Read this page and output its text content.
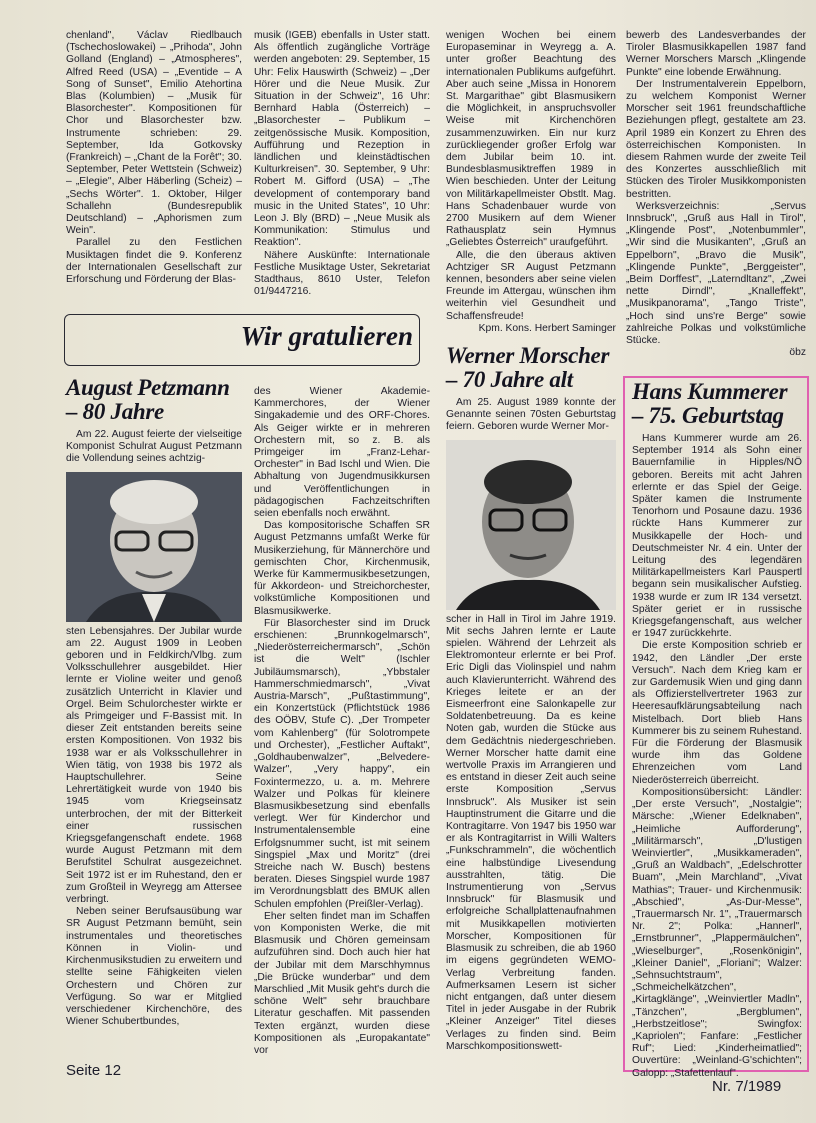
chenland", Václav Riedlbauch (Tschechoslowakei) – „Prihoda", John Golland (England) – „Atmospheres", Alfred Reed (USA) – „Eventide – A Song of Sunset", Emilio Atehortina Blas (Kolumbien) – „Musik für Blasorchester". Kompositionen für Chor und Blasorchester bzw. Instrumente schrieben: 29. September, Ida Gotkovsky (Frankreich) – „Chant de la Forêt"; 30. September, Peter Wettstein (Schweiz) – „Elegie", Alber Häberling (Scheiz) – „Sechs Wörter". 1. Oktober, Hilger Schallehn (Bundesrepublik Deutschland) – „Aphorismen zum Wein".

Parallel zu den Festlichen Musiktagen findet die 9. Konferenz der Internationalen Gesellschaft zur Erforschung und Förderung der Blas-

musik (IGEB) ebenfalls in Uster statt. Als öffentlich zugängliche Vorträge werden angeboten: 29. September, 15 Uhr: Felix Hauswirth (Schweiz) – „Der Hörer und die Neue Musik. Zur Situation in der Schweiz", 16 Uhr: Bernhard Habla (Österreich) – „Blasorchester – Publikum – zeitgenössische Musik. Komposition, Aufführung und Rezeption in ländlichen und kleinstädtischen Kulturkreisen". 30. September, 9 Uhr: Robert M. Gifford (USA) – „The development of contemporary band music in the United States", 10 Uhr: Leon J. Bly (BRD) – „Neue Musik als Kommunikation: Stimulus und Reaktion".

Nähere Auskünfte: Internationale Festliche Musiktage Uster, Sekretariat Stadthaus, 8610 Uster, Telefon 01/9447216.

wenigen Wochen bei einem Europaseminar in Weyregg a. A. unter großer Beachtung des internationalen Publikums aufgeführt. Aber auch seine „Missa in Honorem St. Margarithae" gibt Blasmusikern die Möglichkeit, in anspruchsvoller Weise mit Kirchenchören zusammenzuwirken. Ein nur kurz zurückliegender großer Erfolg war dem Jubilar beim 10. int. Bundesblasmusiktreffen 1989 in Wien beschieden. Unter der Leitung von Militärkapellmeister Obstlt. Mag. Hans Schadenbauer wurde von 2700 Musikern auf dem Wiener Rathausplatz sein Hymnus „Geliebtes Österreich" uraufgeführt.

Alle, die den überaus aktiven Achtziger SR August Petzmann kennen, besonders aber seine vielen Freunde im Attergau, wünschen ihm weiterhin viel Gesundheit und Schaffensfreude!

Kpm. Kons. Herbert Saminger

bewerb des Landesverbandes der Tiroler Blasmusikkapellen 1987 fand Werner Morschers Marsch „Klingende Punkte" eine lobende Erwähnung.

Der Instrumentalverein Eppelborn, zu welchem Komponist Werner Morscher seit 1961 freundschaftliche Beziehungen pflegt, gestaltete am 23. April 1989 ein Konzert zu Ehren des österreichischen Komponisten. In diesem Rahmen wurde der zweite Teil des Konzertes ausschließlich mit Stücken des Tiroler Musikkomponisten bestritten.

Werksverzeichnis: „Servus Innsbruck", „Gruß aus Hall in Tirol", „Klingende Post", „Notenbummler", „Wir sind die Musikanten", „Gruß an Eppelborn", „Bravo die Musik", „Klingende Punkte", „Berggeister", „Beim Dorffest", „Laterndltanz", „Zwei nette Dirndl", „Knalleffekt", „Musikpanorama", „Tango Triste", „Hoch sind uns're Berge" sowie zahlreiche Polkas und volkstümliche Stücke.

öbz

Wir gratulieren
August Petzmann – 80 Jahre

Am 22. August feierte der vielseitige Komponist Schulrat August Petzmann die Vollendung seines achtzig-

sten Lebensjahres. Der Jubilar wurde am 22. August 1909 in Leoben geboren und in Feldkirch/Vlbg. zum Volksschullehrer ausgebildet. Hier lernte er Violine weiter und genoß zusätzlich Unterricht in Klavier und Orgel. Beim Schulorchester wirkte er als Primgeiger und F-Bassist mit. In dieser Zeit entstanden bereits seine ersten Kompositionen. Von 1932 bis 1938 war er als Volksschullehrer in Wien tätig, von 1938 bis 1972 als Hauptschullehrer. Seine Lehrertätigkeit wurde von 1940 bis 1945 vom Kriegseinsatz unterbrochen, der mit der Bitterkeit einer russischen Kriegsgefangenschaft endete. 1968 wurde August Petzmann mit dem Berufstitel Schulrat ausgezeichnet. Seit 1972 ist er im Ruhestand, den er zum Großteil in Weyregg am Attersee verbringt.

Neben seiner Berufsausübung war SR August Petzmann bemüht, sein instrumentales und theoretisches Können in Violin- und Kirchenmusikstudien zu erweitern und stellte seine Fähigkeiten vielen Orchestern und Chören zur Verfügung. So war er Mitglied verschiedener Kirchenchöre, des Wiener Schubertbundes,

des Wiener Akademie-Kammerchores, der Wiener Singakademie und des ORF-Chores. Als Geiger wirkte er in mehreren Orchestern mit, so z. B. als Primgeiger im „Franz-Lehar-Orchester" in Bad Ischl und Wien. Die Abhaltung von Jugendmusikkursen und Veröffentlichungen in pädagogischen Fachzeitschriften seien ebenfalls noch erwähnt.

Das kompositorische Schaffen SR August Petzmanns umfaßt Werke für Musikerziehung, für Männerchöre und gemischten Chor, Kirchenmusik, Werke für Kammermusikbesetzungen, für Akkordeon- und Streichorchester, volkstümliche Kompositionen und Blasmusikwerke.

Für Blasorchester sind im Druck erschienen: „Brunnkogelmarsch", „Niederösterreichermarsch", „Schön ist die Welt" (Ischler Jubiläumsmarsch), „Ybbstaler Hammerschmiedmarsch", „Vivat Austria-Marsch", „Pußtastimmung", ein Konzertstück (Pflichtstück 1986 des OÖBV, Stufe C). „Der Trompeter vom Kahlenberg" (für Solotrompete und Orchester), „Festlicher Auftakt", „Goldhaubenwalzer", „Belvedere-Walzer", „Very happy", ein Foxintermezzo, u. a. m. Mehrere Walzer und Polkas für kleinere Blasmusikbesetzung sind ebenfalls verlegt. Wer für Kinderchor und Instrumentalensemble eine Erfolgsnummer sucht, ist mit seinem Singspiel „Max und Moritz" (drei Streiche nach W. Busch) bestens beraten. Dieses Singspiel wurde 1987 im Verordnungsblatt des BMUK allen Schulen empfohlen (Preißler-Verlag).

Eher selten findet man im Schaffen von Komponisten Werke, die mit Blasmusik und Chören gemeinsam aufzuführen sind. Doch auch hier hat der Jubilar mit dem Marschhymnus „Die Brücke wunderbar" und dem Marschlied „Mit Musik geht's durch die schöne Welt" sehr brauchbare Literatur geschaffen. Mit passenden Texten ergänzt, wurden diese Kompositionen als „Europakantate" vor

Werner Morscher – 70 Jahre alt

Am 25. August 1989 konnte der Genannte seinen 70sten Geburtstag feiern. Geboren wurde Werner Mor-

scher in Hall in Tirol im Jahre 1919. Mit sechs Jahren lernte er Laute spielen. Während der Lehrzeit als Elektromonteur erlernte er bei Prof. Eric Digli das Violinspiel und nahm auch Klavierunterricht. Während des Krieges leitete er an der Eismeerfront eine Salonkapelle zur Soldatenbetreuung. Da es keine Noten gab, wurden die Stücke aus dem Gedächtnis niedergeschrieben. Werner Morscher hatte damit eine wertvolle Praxis im Arrangieren und es entstand in dieser Zeit auch seine erste Komposition „Servus Innsbruck". Als Musiker ist sein Hauptinstrument die Gitarre und die Kontragitarre. Von 1947 bis 1950 war er als Kontragitarrist in Willi Walters „Funkschrammeln", die wöchentlich eine halbstündige Livesendung ausstrahlten, tätig. Die Instrumentierung von „Servus Innsbruck" für Blasmusik und erfolgreiche Schallplattenaufnahmen mit Musikkapellen motivierten Morscher, Kompositionen für Blasmusik zu schreiben, die ab 1960 im eigens gegründeten WEMO-Verlag Verbreitung fanden. Aufmerksamen Lesern ist sicher nicht entgangen, daß unter diesem Titel in jeder Ausgabe in der Rubrik „Kleiner Anzeiger" Titel dieses Verlages zu finden sind. Beim Marschkompositionswett-

Hans Kummerer – 75. Geburtstag

Hans Kummerer wurde am 26. September 1914 als Sohn einer Bauernfamilie in Hipples/NÖ geboren. Bereits mit acht Jahren erlernte er das Spiel der Geige. Später kamen die Instrumente Tenorhorn und Posaune dazu. 1936 rückte Hans Kummerer zur Musikkapelle der Hoch- und Deutschmeister Nr. 4 ein. Unter der Leitung des legendären Militärkapellmeisters Karl Pauspertl begann sein musikalischer Aufstieg. 1938 wurde er zum IR 134 versetzt. Später geriet er in russische Kriegsgefangenschaft, aus welcher er 1947 zurückkehrte.

Die erste Komposition schrieb er 1942, den Ländler „Der erste Versuch". Nach dem Krieg kam er zur Gardemusik Wien und ging dann als Offizierstellvertreter 1963 zur Heeresaufklärungsabteilung nach Mistelbach. Dort blieb Hans Kummerer bis zu seinem Ruhestand. Für die Förderung der Blasmusik wurde ihm das Goldene Ehrenzeichen vom Land Niederösterreich überreicht.

Kompositionsübersicht: Ländler: „Der erste Versuch", „Nostalgie"; Märsche: „Wiener Edelknaben", „Heimliche Aufforderung", „Militärmarsch", „D'lustigen Weinviertler", „Musikkameraden", „Gruß an Waldbach", „Edelschrotter Buam", „Mein Marchland", „Vivat Mathias"; Trauer- und Kirchenmusik: „Abschied", „As-Dur-Messe", „Trauermarsch Nr. 1", „Trauermarsch Nr. 2"; Polka: „Hannerl", „Ernstbrunner", „Plappermäulchen", „Wieselburger", „Rosenkönigin", „Kleiner Daniel", „Floriani"; Walzer: „Sehnsuchtstraum", „Schmeichelkätzchen", „Kirtagklänge", „Weinviertler Madln", „Tänzchen", „Bergblumen", „Herbstzeitlose"; Swingfox: „Kapriolen"; Fanfare: „Festlicher Ruf"; Lied: „Kinderheimatlied"; Ouvertüre: „Weinland-G'schichten"; Galopp: „Stafettenlauf".

Seite 12
Nr. 7/1989
